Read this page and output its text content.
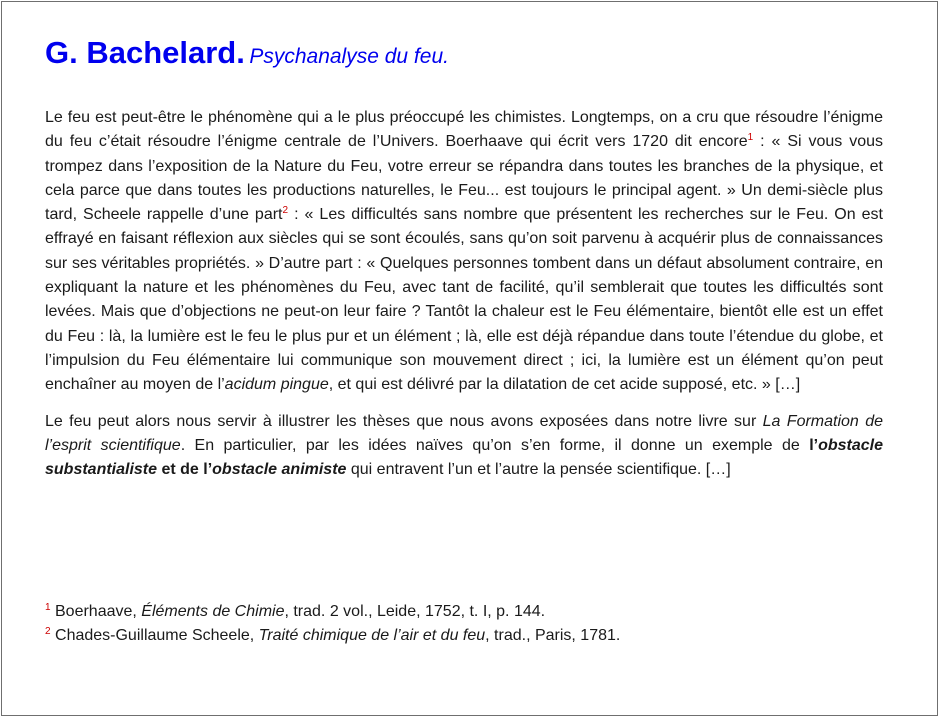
G. Bachelard. Psychanalyse du feu.

Le feu est peut-être le phénomène qui a le plus préoccupé les chimistes. Longtemps, on a cru que résoudre l’énigme du feu c’était résoudre l’énigme centrale de l’Univers. Boerhaave qui écrit vers 1720 dit encore$^1$ : « Si vous vous trompez dans l’exposition de la Nature du Feu, votre erreur se répandra dans toutes les branches de la physique, et cela parce que dans toutes les productions naturelles, le Feu... est toujours le principal agent. » Un demi-siècle plus tard, Scheele rappelle d’une part$^2$ : « Les difficultés sans nombre que présentent les recherches sur le Feu. On est effrayé en faisant réflexion aux siècles qui se sont écoulés, sans qu’on soit parvenu à acquérir plus de connaissances sur ses véritables propriétés. » D’autre part : « Quelques personnes tombent dans un défaut absolument contraire, en expliquant la nature et les phénomènes du Feu, avec tant de facilité, qu’il semblerait que toutes les difficultés sont levées. Mais que d’objections ne peut-on leur faire ? Tantôt la chaleur est le Feu élémentaire, bientôt elle est un effet du Feu : là, la lumière est le feu le plus pur et un élément ; là, elle est déjà répandue dans toute l’étendue du globe, et l’impulsion du Feu élémentaire lui communique son mouvement direct ; ici, la lumière est un élément qu’on peut enchaîner au moyen de l’acidum pingue, et qui est délivré par la dilatation de cet acide supposé, etc. » […]

Le feu peut alors nous servir à illustrer les thèses que nous avons exposées dans notre livre sur La Formation de l’esprit scientifique. En particulier, par les idées naïves qu’on s’en forme, il donne un exemple de l’obstacle substantialiste et de l’obstacle animiste qui entravent l’un et l’autre la pensée scientifique. […]

$^1$ Boerhaave, Éléments de Chimie, trad. 2 vol., Leide, 1752, t. I, p. 144.
$^2$ Chades-Guillaume Scheele, Traité chimique de l’air et du feu, trad., Paris, 1781.
